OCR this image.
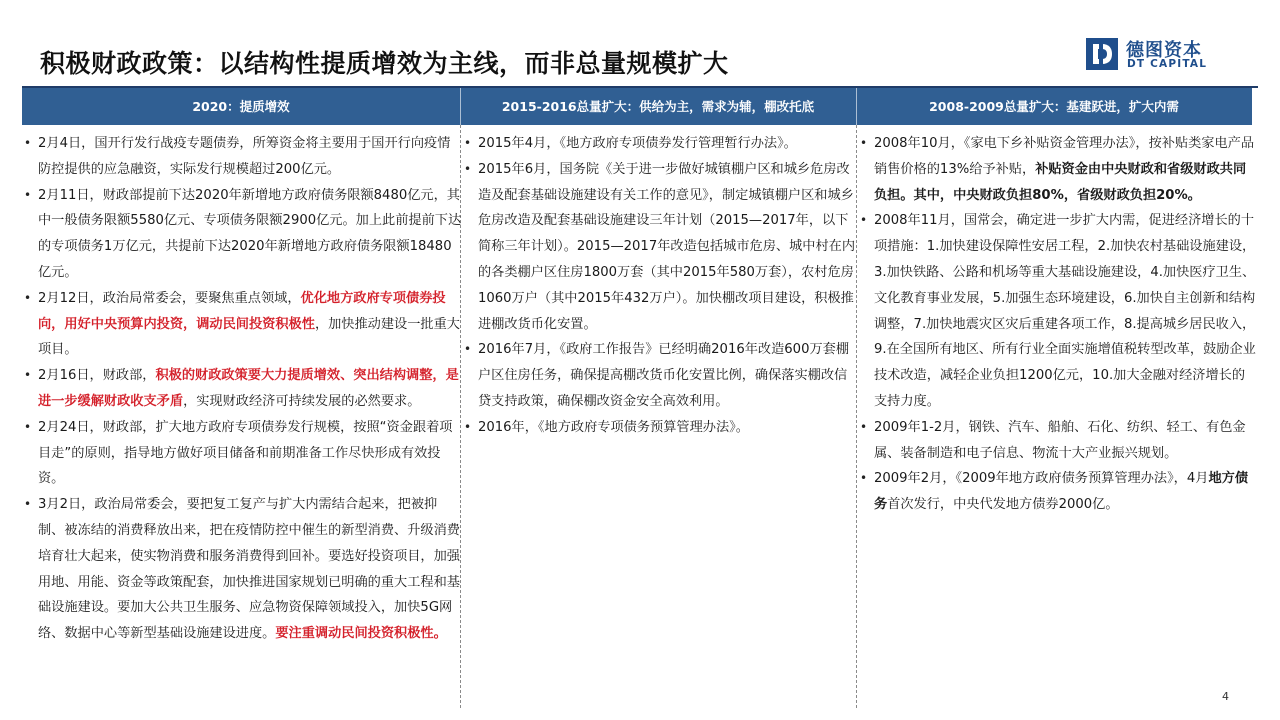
积极财政政策：以结构性提质增效为主线，而非总量规模扩大	德图资本
DT CAPITAL
2020：提质增效	2015-2016总量扩大：供给为主，需求为辅，棚改托底	2008-2009总量扩大：基建跃进，扩大内需
• 2月4日，国开行发行战疫专题债券，所筹资金将主要用于国开行向疫情防控提供的应急融资，实际发行规模超过200亿元。
• 2月11日，财政部提前下达2020年新增地方政府债务限额8480亿元，其中一般债务限额5580亿元、专项债务限额2900亿元。加上此前提前下达的专项债务1万亿元，共提前下达2020年新增地方政府债务限额18480亿元。
• 2月12日，政治局常委会，要聚焦重点领域，优化地方政府专项债券投向，用好中央预算内投资，调动民间投资积极性，加快推动建设一批重大项目。
• 2月16日，财政部，积极的财政政策要大力提质增效、突出结构调整，是进一步缓解财政收支矛盾，实现财政经济可持续发展的必然要求。
• 2月24日，财政部，扩大地方政府专项债券发行规模，按照“资金跟着项目走”的原则，指导地方做好项目储备和前期准备工作尽快形成有效投资。
• 3月2日，政治局常委会，要把复工复产与扩大内需结合起来，把被抑制、被冻结的消费释放出来，把在疫情防控中催生的新型消费、升级消费培育壮大起来，使实物消费和服务消费得到回补。要选好投资项目，加强用地、用能、资金等政策配套，加快推进国家规划已明确的重大工程和基础设施建设。要加大公共卫生服务、应急物资保障领域投入，加快5G网络、数据中心等新型基础设施建设进度。要注重调动民间投资积极性。
• 2015年4月，《地方政府专项债券发行管理暂行办法》。
• 2015年6月，国务院《关于进一步做好城镇棚户区和城乡危房改造及配套基础设施建设有关工作的意见》，制定城镇棚户区和城乡危房改造及配套基础设施建设三年计划（2015—2017年，以下简称三年计划）。2015—2017年改造包括城市危房、城中村在内的各类棚户区住房1800万套（其中2015年580万套），农村危房1060万户（其中2015年432万户）。加快棚改项目建设，积极推进棚改货币化安置。
• 2016年7月，《政府工作报告》已经明确2016年改造600万套棚户区住房任务，确保提高棚改货币化安置比例，确保落实棚改信贷支持政策，确保棚改资金安全高效利用。
• 2016年，《地方政府专项债务预算管理办法》。
• 2008年10月，《家电下乡补贴资金管理办法》，按补贴类家电产品销售价格的13%给予补贴，补贴资金由中央财政和省级财政共同负担。其中，中央财政负担80%，省级财政负担20%。
• 2008年11月，国常会，确定进一步扩大内需，促进经济增长的十项措施：1.加快建设保障性安居工程，2.加快农村基础设施建设，3.加快铁路、公路和机场等重大基础设施建设，4.加快医疗卫生、文化教育事业发展，5.加强生态环境建设，6.加快自主创新和结构调整，7.加快地震灾区灾后重建各项工作，8.提高城乡居民收入，9.在全国所有地区、所有行业全面实施增值税转型改革，鼓励企业技术改造，减轻企业负担1200亿元，10.加大金融对经济增长的支持力度。
• 2009年1-2月，钢铁、汽车、船舶、石化、纺织、轻工、有色金属、装备制造和电子信息、物流十大产业振兴规划。
• 2009年2月，《2009年地方政府债务预算管理办法》，4月地方债务首次发行，中央代发地方债券2000亿。
4
